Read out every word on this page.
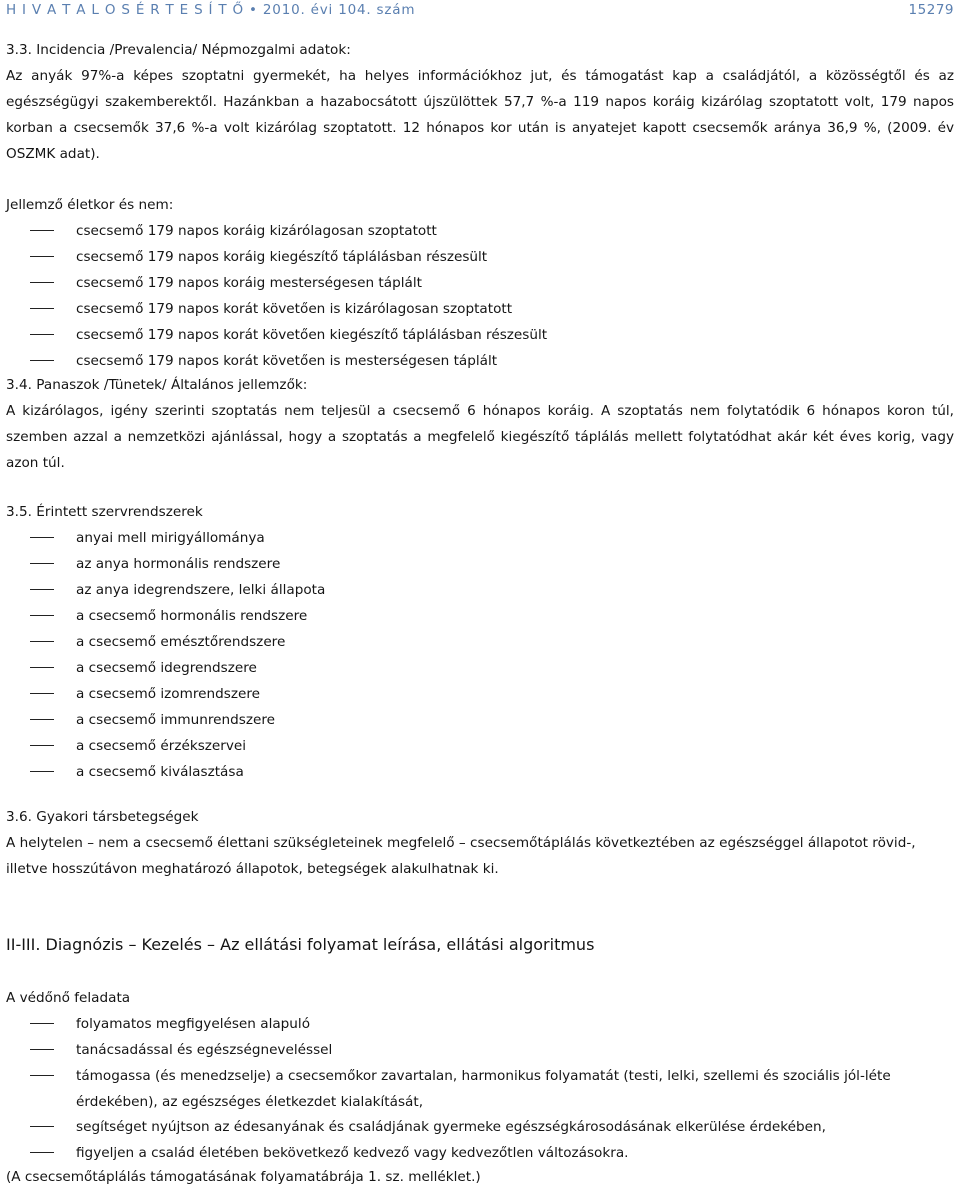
H I V A T A L O S É R T E S Í T Ő • 2010. évi 104. szám	15279
3.3. Incidencia /Prevalencia/ Népmozgalmi adatok:

Az anyák 97%-a képes szoptatni gyermekét, ha helyes információkhoz jut, és támogatást kap a családjától, a közösségtől és az egészségügyi szakemberektől. Hazánkban a hazabocsátott újszülöttek 57,7 %-a 119 napos koráig kizárólag szoptatott volt, 179 napos korban a csecsemők 37,6 %-a volt kizárólag szoptatott. 12 hónapos kor után is anyatejet kapott csecsemők aránya 36,9 %, (2009. év OSZMK adat).

Jellemző életkor és nem:
csecsemő 179 napos koráig kizárólagosan szoptatott
csecsemő 179 napos koráig kiegészítő táplálásban részesült
csecsemő 179 napos koráig mesterségesen táplált
csecsemő 179 napos korát követően is kizárólagosan szoptatott
csecsemő 179 napos korát követően kiegészítő táplálásban részesült
csecsemő 179 napos korát követően is mesterségesen táplált
3.4. Panaszok /Tünetek/ Általános jellemzők:

A kizárólagos, igény szerinti szoptatás nem teljesül a csecsemő 6 hónapos koráig. A szoptatás nem folytatódik 6 hónapos koron túl, szemben azzal a nemzetközi ajánlással, hogy a szoptatás a megfelelő kiegészítő táplálás mellett folytatódhat akár két éves korig, vagy azon túl.

3.5. Érintett szervrendszerek
anyai mell mirigyállománya
az anya hormonális rendszere
az anya idegrendszere, lelki állapota
a csecsemő hormonális rendszere
a csecsemő emésztőrendszere
a csecsemő idegrendszere
a csecsemő izomrendszere
a csecsemő immunrendszere
a csecsemő érzékszervei
a csecsemő kiválasztása
3.6. Gyakori társbetegségek

A helytelen – nem a csecsemő élettani szükségleteinek megfelelő – csecsemőtáplálás következtében az egészséggel állapotot rövid-, illetve hosszútávon meghatározó állapotok, betegségek alakulhatnak ki.

II-III. Diagnózis – Kezelés – Az ellátási folyamat leírása, ellátási algoritmus
A védőnő feladata
folyamatos megfigyelésen alapuló
tanácsadással és egészségneveléssel
támogassa (és menedzselje) a csecsemőkor zavartalan, harmonikus folyamatát (testi, lelki, szellemi és szociális jól-léte érdekében), az egészséges életkezdet kialakítását,
segítséget nyújtson az édesanyának és családjának gyermeke egészségkárosodásának elkerülése érdekében,
figyeljen a család életében bekövetkező kedvező vagy kedvezőtlen változásokra.
(A csecsemőtáplálás támogatásának folyamatábrája 1. sz. melléklet.)
